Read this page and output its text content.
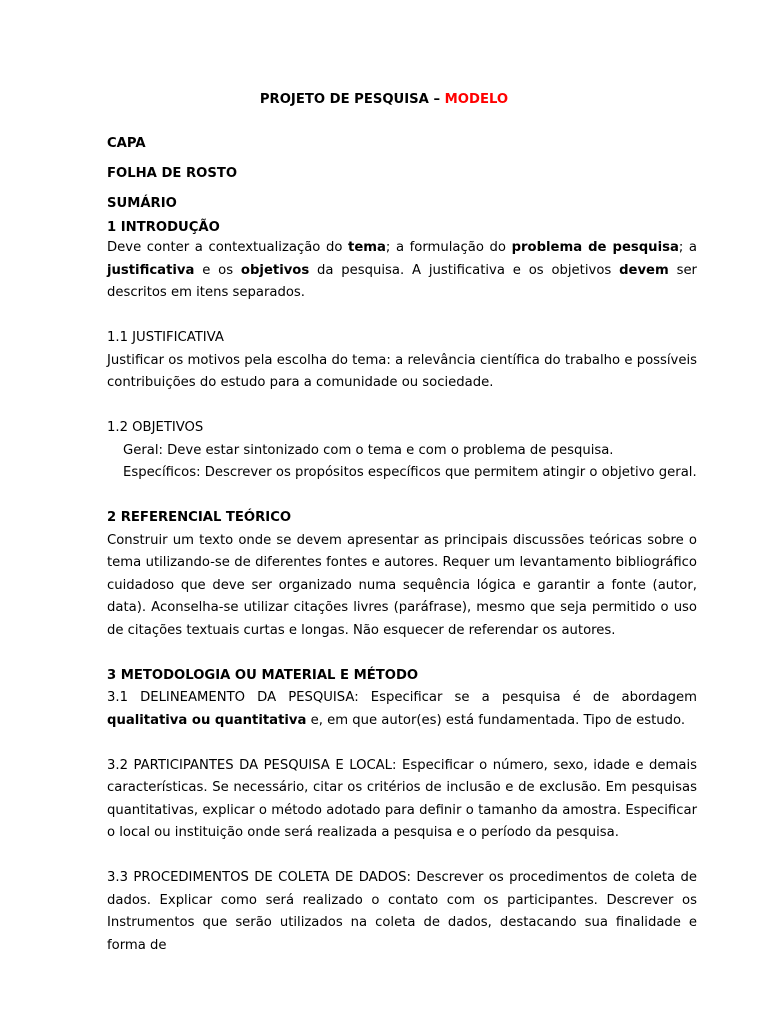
PROJETO DE PESQUISA – MODELO
CAPA
FOLHA DE ROSTO
SUMÁRIO
1 INTRODUÇÃO

Deve conter a contextualização do tema; a formulação do problema de pesquisa; a justificativa e os objetivos da pesquisa. A justificativa e os objetivos devem ser descritos em itens separados.

1.1 JUSTIFICATIVA

Justificar os motivos pela escolha do tema: a relevância científica do trabalho e possíveis contribuições do estudo para a comunidade ou sociedade.

1.2 OBJETIVOS
Geral: Deve estar sintonizado com o tema e com o problema de pesquisa.
Específicos: Descrever os propósitos específicos que permitem atingir o objetivo geral.
2 REFERENCIAL TEÓRICO

Construir um texto onde se devem apresentar as principais discussões teóricas sobre o tema utilizando-se de diferentes fontes e autores. Requer um levantamento bibliográfico cuidadoso que deve ser organizado numa sequência lógica e garantir a fonte (autor, data). Aconselha-se utilizar citações livres (paráfrase), mesmo que seja permitido o uso de citações textuais curtas e longas. Não esquecer de referendar os autores.

3 METODOLOGIA OU MATERIAL E MÉTODO

3.1 DELINEAMENTO DA PESQUISA: Especificar se a pesquisa é de abordagem qualitativa ou quantitativa e, em que autor(es) está fundamentada. Tipo de estudo.

3.2 PARTICIPANTES DA PESQUISA E LOCAL: Especificar o número, sexo, idade e demais características. Se necessário, citar os critérios de inclusão e de exclusão. Em pesquisas quantitativas, explicar o método adotado para definir o tamanho da amostra. Especificar o local ou instituição onde será realizada a pesquisa e o período da pesquisa.

3.3 PROCEDIMENTOS DE COLETA DE DADOS: Descrever os procedimentos de coleta de dados. Explicar como será realizado o contato com os participantes. Descrever os Instrumentos que serão utilizados na coleta de dados, destacando sua finalidade e forma de
